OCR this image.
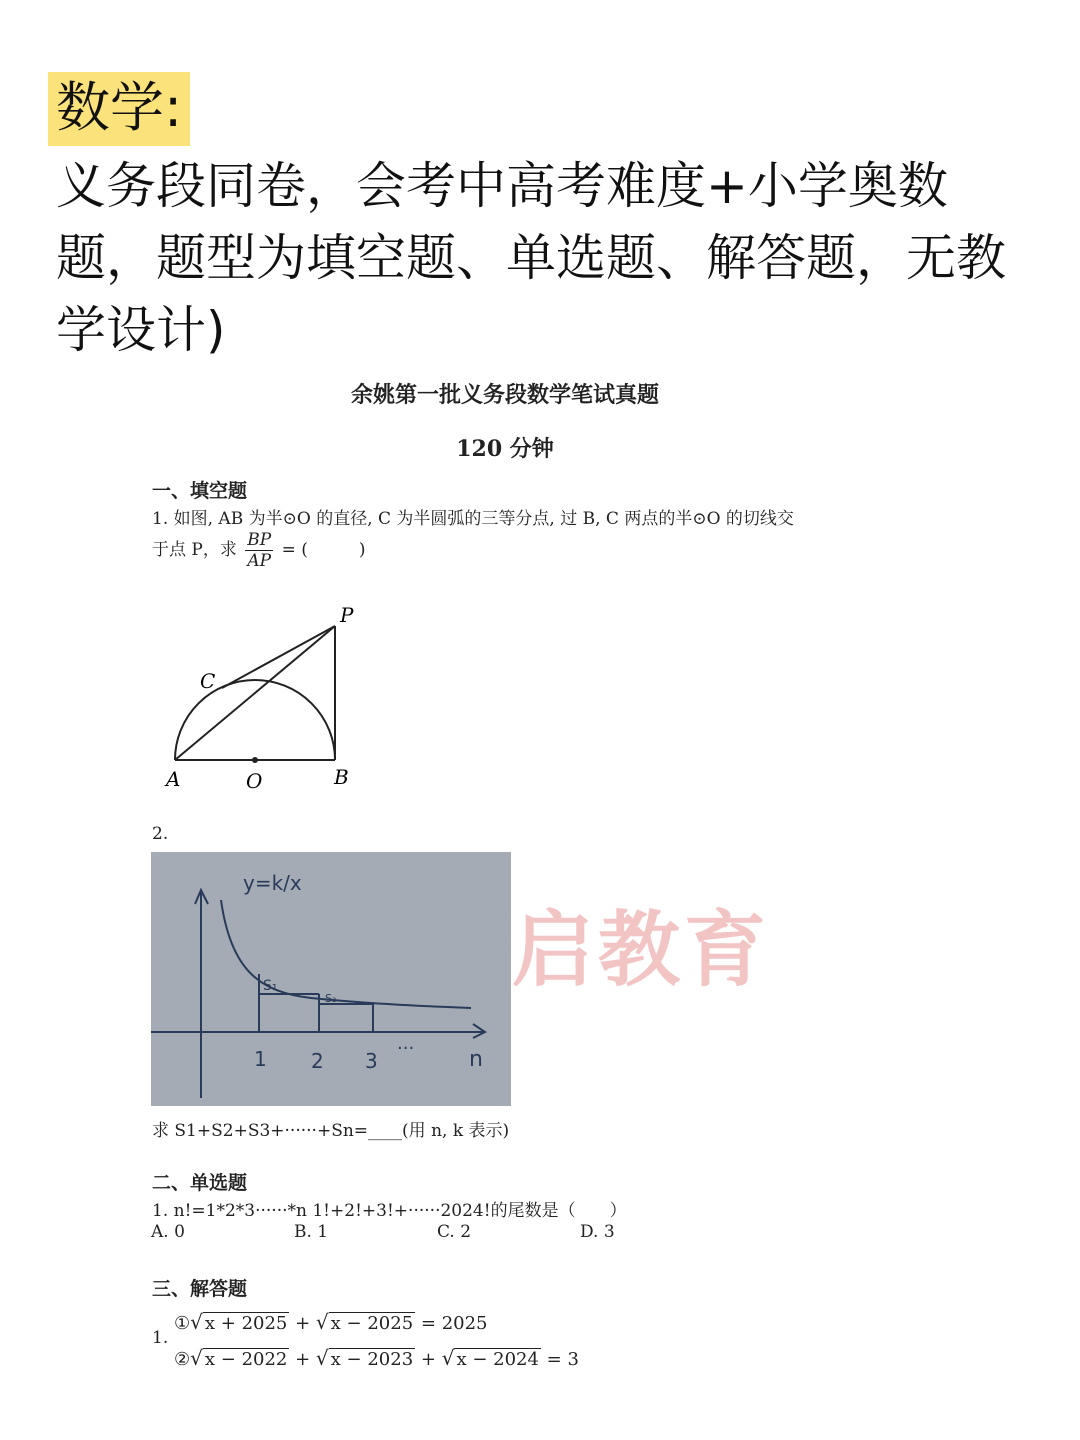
数学:
义务段同卷，会考中高考难度+小学奥数题，题型为填空题、单选题、解答题，无教学设计)
余姚第一批义务段数学笔试真题
120 分钟
一、填空题
1. 如图, AB 为半⊙O 的直径, C 为半圆弧的三等分点, 过 B, C 两点的半⊙O 的切线交
于点 P，求 $\frac{BP}{AP}$ = (　　　)
P
C
A	O	B
2.
y=k/x
S₁
S₂
1 2 3
··· n
启教育
求 S1+S2+S3+······+Sn=____(用 n, k 表示)
二、单选题
1. n!=1*2*3······*n 1!+2!+3!+······2024!的尾数是（　　）
A. 0	B. 1	C. 2	D. 3
三、解答题
1.
①√ x + 2025 + √ x − 2025 = 2025
②√ x − 2022 + √ x − 2023 + √ x − 2024 = 3
